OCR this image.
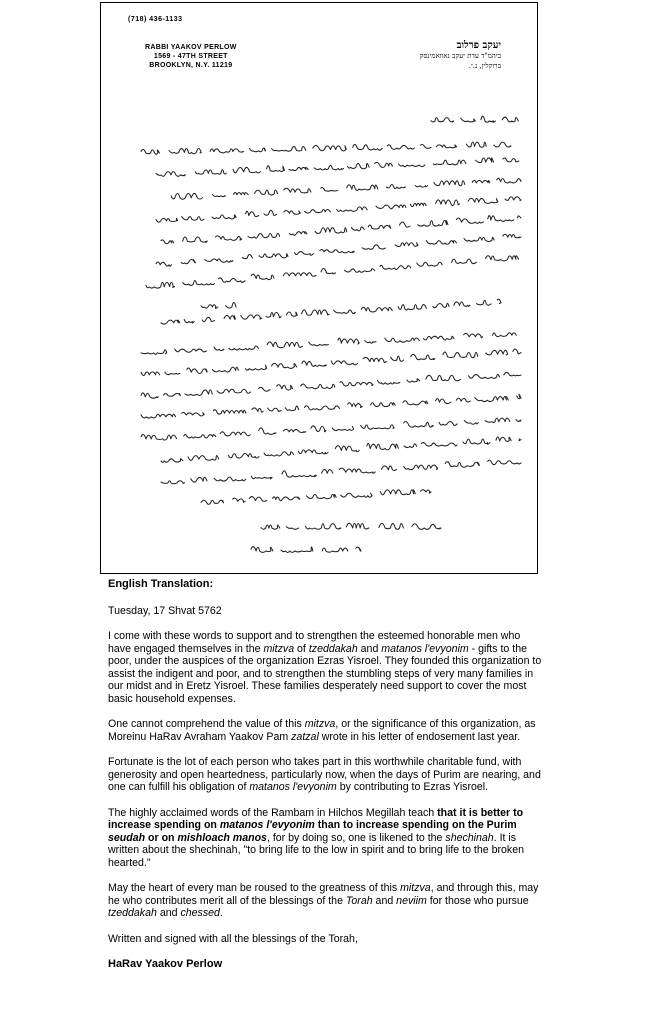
(718) 436-1133
RABBI YAAKOV PERLOW
1569 - 47TH STREET
BROOKLYN, N.Y. 11219
יעקב פרלוב
ביהמ"ד עדת יעקב נאוואמינסק
ברוקלין, נ.י.

English Translation:

Tuesday, 17 Shvat 5762

I come with these words to support and to strengthen the esteemed honorable men who have engaged themselves in the mitzva of tzeddakah and matanos l'evyonim - gifts to the poor, under the auspices of the organization Ezras Yisroel. They founded this organization to assist the indigent and poor, and to strengthen the stumbling steps of very many families in our midst and in Eretz Yisroel. These families desperately need support to cover the most basic household expenses.

One cannot comprehend the value of this mitzva, or the significance of this organization, as Moreinu HaRav Avraham Yaakov Pam zatzal wrote in his letter of endosement last year.

Fortunate is the lot of each person who takes part in this worthwhile charitable fund, with generosity and open heartedness, particularly now, when the days of Purim are nearing, and one can fulfill his obligation of matanos l'evyonim by contributing to Ezras Yisroel.

The highly acclaimed words of the Rambam in Hilchos Megillah teach that it is better to increase spending on matanos l'evyonim than to increase spending on the Purim seudah or on mishloach manos, for by doing so, one is likened to the shechinah. It is written about the shechinah, "to bring life to the low in spirit and to bring life to the broken hearted."

May the heart of every man be roused to the greatness of this mitzva, and through this, may he who contributes merit all of the blessings of the Torah and neviim for those who pursue tzeddakah and chessed.

Written and signed with all the blessings of the Torah,

HaRav Yaakov Perlow
